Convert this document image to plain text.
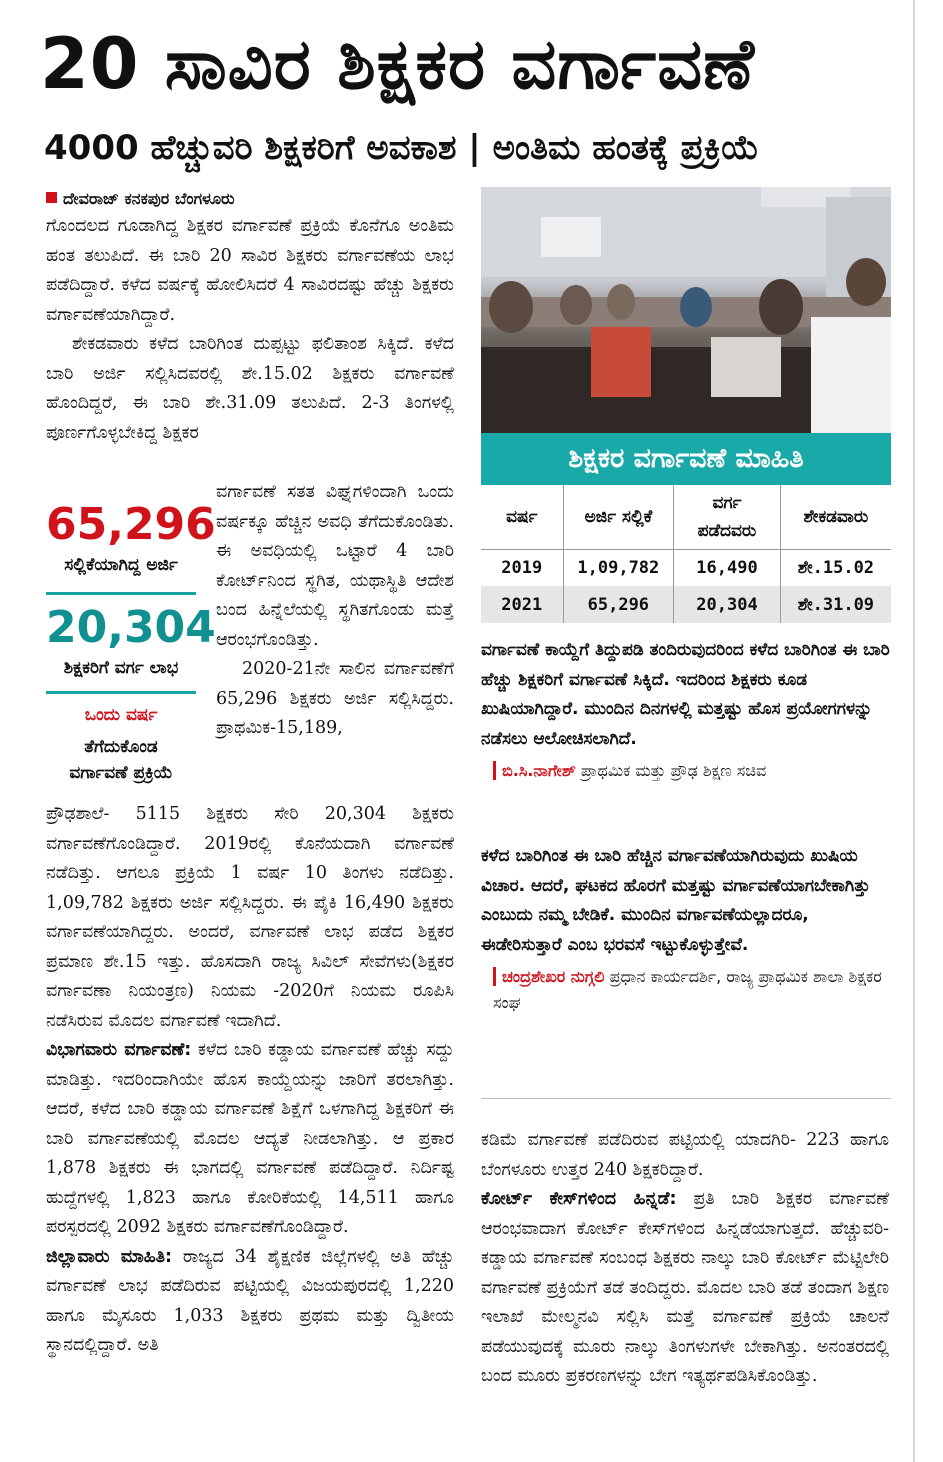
20 ಸಾವಿರ ಶಿಕ್ಷಕರ ವರ್ಗಾವಣೆ
4000 ಹೆಚ್ಚುವರಿ ಶಿಕ್ಷಕರಿಗೆ ಅವಕಾಶ | ಅಂತಿಮ ಹಂತಕ್ಕೆ ಪ್ರಕ್ರಿಯೆ
ದೇವರಾಜ್ ಕನಕಪುರ ಬೆಂಗಳೂರು

ಗೊಂದಲದ ಗೂಡಾಗಿದ್ದ ಶಿಕ್ಷಕರ ವರ್ಗಾವಣೆ ಪ್ರಕ್ರಿಯೆ ಕೊನೆಗೂ ಅಂತಿಮ ಹಂತ ತಲುಪಿದೆ. ಈ ಬಾರಿ 20 ಸಾವಿರ ಶಿಕ್ಷಕರು ವರ್ಗಾವಣೆಯ ಲಾಭ ಪಡೆದಿದ್ದಾರೆ. ಕಳೆದ ವರ್ಷಕ್ಕೆ ಹೋಲಿಸಿದರೆ 4 ಸಾವಿರದಷ್ಟು ಹೆಚ್ಚು ಶಿಕ್ಷಕರು ವರ್ಗಾವಣೆಯಾಗಿದ್ದಾರೆ.

ಶೇಕಡವಾರು ಕಳೆದ ಬಾರಿಗಿಂತ ದುಪ್ಪಟ್ಟು ಫಲಿತಾಂಶ ಸಿಕ್ಕಿದೆ. ಕಳೆದ ಬಾರಿ ಅರ್ಜಿ ಸಲ್ಲಿಸಿದವರಲ್ಲಿ ಶೇ.15.02 ಶಿಕ್ಷಕರು ವರ್ಗಾವಣೆ ಹೊಂದಿದ್ದರೆ, ಈ ಬಾರಿ ಶೇ.31.09 ತಲುಪಿದೆ. 2-3 ತಿಂಗಳಲ್ಲಿ ಪೂರ್ಣಗೊಳ್ಳಬೇಕಿದ್ದ ಶಿಕ್ಷಕರ

65,296
ಸಲ್ಲಿಕೆಯಾಗಿದ್ದ ಅರ್ಜಿ
20,304
ಶಿಕ್ಷಕರಿಗೆ ವರ್ಗ ಲಾಭ
ಒಂದು ವರ್ಷ
ತೆಗೆದುಕೊಂಡ
ವರ್ಗಾವಣೆ ಪ್ರಕ್ರಿಯೆ

ವರ್ಗಾವಣೆ ಸತತ ವಿಘ್ನಗಳಿಂದಾಗಿ ಒಂದು ವರ್ಷಕ್ಕೂ ಹೆಚ್ಚಿನ ಅವಧಿ ತೆಗೆದುಕೊಂಡಿತು. ಈ ಅವಧಿಯಲ್ಲಿ ಒಟ್ಟಾರೆ 4 ಬಾರಿ ಕೋರ್ಟ್‌ನಿಂದ ಸ್ಥಗಿತ, ಯಥಾಸ್ಥಿತಿ ಆದೇಶ ಬಂದ ಹಿನ್ನೆಲೆಯಲ್ಲಿ ಸ್ಥಗಿತಗೊಂಡು ಮತ್ತೆ ಆರಂಭಗೊಂಡಿತ್ತು.

2020-21ನೇ ಸಾಲಿನ ವರ್ಗಾವಣೆಗೆ 65,296 ಶಿಕ್ಷಕರು ಅರ್ಜಿ ಸಲ್ಲಿಸಿದ್ದರು. ಪ್ರಾಥಮಿಕ-15,189,

ಪ್ರೌಢಶಾಲೆ- 5115 ಶಿಕ್ಷಕರು ಸೇರಿ 20,304 ಶಿಕ್ಷಕರು ವರ್ಗಾವಣೆಗೊಂಡಿದ್ದಾರೆ. 2019ರಲ್ಲಿ ಕೊನೆಯದಾಗಿ ವರ್ಗಾವಣೆ ನಡೆದಿತ್ತು. ಆಗಲೂ ಪ್ರಕ್ರಿಯೆ 1 ವರ್ಷ 10 ತಿಂಗಳು ನಡೆದಿತ್ತು. 1,09,782 ಶಿಕ್ಷಕರು ಅರ್ಜಿ ಸಲ್ಲಿಸಿದ್ದರು. ಈ ಪೈಕಿ 16,490 ಶಿಕ್ಷಕರು ವರ್ಗಾವಣೆಯಾಗಿದ್ದರು. ಅಂದರೆ, ವರ್ಗಾವಣೆ ಲಾಭ ಪಡೆದ ಶಿಕ್ಷಕರ ಪ್ರಮಾಣ ಶೇ.15 ಇತ್ತು. ಹೊಸದಾಗಿ ರಾಜ್ಯ ಸಿವಿಲ್ ಸೇವೆಗಳು(ಶಿಕ್ಷಕರ ವರ್ಗಾವಣಾ ನಿಯಂತ್ರಣ) ನಿಯಮ -2020ಗೆ ನಿಯಮ ರೂಪಿಸಿ ನಡೆಸಿರುವ ಮೊದಲ ವರ್ಗಾವಣೆ ಇದಾಗಿದೆ.

ವಿಭಾಗವಾರು ವರ್ಗಾವಣೆ: ಕಳೆದ ಬಾರಿ ಕಡ್ಡಾಯ ವರ್ಗಾವಣೆ ಹೆಚ್ಚು ಸದ್ದು ಮಾಡಿತ್ತು. ಇದರಿಂದಾಗಿಯೇ ಹೊಸ ಕಾಯ್ದೆಯನ್ನು ಜಾರಿಗೆ ತರಲಾಗಿತ್ತು. ಆದರೆ, ಕಳೆದ ಬಾರಿ ಕಡ್ಡಾಯ ವರ್ಗಾವಣೆ ಶಿಕ್ಷೆಗೆ ಒಳಗಾಗಿದ್ದ ಶಿಕ್ಷಕರಿಗೆ ಈ ಬಾರಿ ವರ್ಗಾವಣೆಯಲ್ಲಿ ಮೊದಲ ಆದ್ಯತೆ ನೀಡಲಾಗಿತ್ತು. ಆ ಪ್ರಕಾರ 1,878 ಶಿಕ್ಷಕರು ಈ ಭಾಗದಲ್ಲಿ ವರ್ಗಾವಣೆ ಪಡೆದಿದ್ದಾರೆ. ನಿರ್ದಿಷ್ಟ ಹುದ್ದೆಗಳಲ್ಲಿ 1,823 ಹಾಗೂ ಕೋರಿಕೆಯಲ್ಲಿ 14,511 ಹಾಗೂ ಪರಸ್ಪರದಲ್ಲಿ 2092 ಶಿಕ್ಷಕರು ವರ್ಗಾವಣೆಗೊಂಡಿದ್ದಾರೆ.

ಜಿಲ್ಲಾವಾರು ಮಾಹಿತಿ: ರಾಜ್ಯದ 34 ಶೈಕ್ಷಣಿಕ ಜಿಲ್ಲೆಗಳಲ್ಲಿ ಅತಿ ಹೆಚ್ಚು ವರ್ಗಾವಣೆ ಲಾಭ ಪಡೆದಿರುವ ಪಟ್ಟಿಯಲ್ಲಿ ವಿಜಯಪುರದಲ್ಲಿ 1,220 ಹಾಗೂ ಮೈಸೂರು 1,033 ಶಿಕ್ಷಕರು ಪ್ರಥಮ ಮತ್ತು ದ್ವಿತೀಯ ಸ್ಥಾನದಲ್ಲಿದ್ದಾರೆ. ಅತಿ

ಶಿಕ್ಷಕರ ವರ್ಗಾವಣೆ ಮಾಹಿತಿ
ವರ್ಷ	ಅರ್ಜಿ ಸಲ್ಲಿಕೆ	ವರ್ಗ ಪಡೆದವರು	ಶೇಕಡವಾರು
2019	1,09,782	16,490	ಶೇ.15.02
2021	65,296	20,304	ಶೇ.31.09

ವರ್ಗಾವಣೆ ಕಾಯ್ದೆಗೆ ತಿದ್ದುಪಡಿ ತಂದಿರುವುದರಿಂದ ಕಳೆದ ಬಾರಿಗಿಂತ ಈ ಬಾರಿ ಹೆಚ್ಚು ಶಿಕ್ಷಕರಿಗೆ ವರ್ಗಾವಣೆ ಸಿಕ್ಕಿದೆ. ಇದರಿಂದ ಶಿಕ್ಷಕರು ಕೂಡ ಖುಷಿಯಾಗಿದ್ದಾರೆ. ಮುಂದಿನ ದಿನಗಳಲ್ಲಿ ಮತ್ತಷ್ಟು ಹೊಸ ಪ್ರಯೋಗಗಳನ್ನು ನಡೆಸಲು ಆಲೋಚಿಸಲಾಗಿದೆ.

ಬಿ.ಸಿ.ನಾಗೇಶ್ ಪ್ರಾಥಮಿಕ ಮತ್ತು ಪ್ರೌಢ ಶಿಕ್ಷಣ ಸಚಿವ

ಕಳೆದ ಬಾರಿಗಿಂತ ಈ ಬಾರಿ ಹೆಚ್ಚಿನ ವರ್ಗಾವಣೆಯಾಗಿರುವುದು ಖುಷಿಯ ವಿಚಾರ. ಆದರೆ, ಘಟಕದ ಹೊರಗೆ ಮತ್ತಷ್ಟು ವರ್ಗಾವಣೆಯಾಗಬೇಕಾಗಿತ್ತು ಎಂಬುದು ನಮ್ಮ ಬೇಡಿಕೆ. ಮುಂದಿನ ವರ್ಗಾವಣೆಯಲ್ಲಾದರೂ, ಈಡೇರಿಸುತ್ತಾರೆ ಎಂಬ ಭರವಸೆ ಇಟ್ಟುಕೊಳ್ಳುತ್ತೇವೆ.

ಚಂದ್ರಶೇಖರ ನುಗ್ಗಲಿ ಪ್ರಧಾನ ಕಾರ್ಯದರ್ಶಿ, ರಾಜ್ಯ ಪ್ರಾಥಮಿಕ ಶಾಲಾ ಶಿಕ್ಷಕರ ಸಂಘ

ಕಡಿಮೆ ವರ್ಗಾವಣೆ ಪಡೆದಿರುವ ಪಟ್ಟಿಯಲ್ಲಿ ಯಾದಗಿರಿ- 223 ಹಾಗೂ ಬೆಂಗಳೂರು ಉತ್ತರ 240 ಶಿಕ್ಷಕರಿದ್ದಾರೆ.

ಕೋರ್ಟ್ ಕೇಸ್‌ಗಳಿಂದ ಹಿನ್ನಡೆ: ಪ್ರತಿ ಬಾರಿ ಶಿಕ್ಷಕರ ವರ್ಗಾವಣೆ ಆರಂಭವಾದಾಗ ಕೋರ್ಟ್ ಕೇಸ್‌ಗಳಿಂದ ಹಿನ್ನಡೆಯಾಗುತ್ತದೆ. ಹೆಚ್ಚುವರಿ-ಕಡ್ಡಾಯ ವರ್ಗಾವಣೆ ಸಂಬಂಧ ಶಿಕ್ಷಕರು ನಾಲ್ಕು ಬಾರಿ ಕೋರ್ಟ್ ಮೆಟ್ಟಿಲೇರಿ ವರ್ಗಾವಣೆ ಪ್ರಕ್ರಿಯೆಗೆ ತಡೆ ತಂದಿದ್ದರು. ಮೊದಲ ಬಾರಿ ತಡೆ ತಂದಾಗ ಶಿಕ್ಷಣ ಇಲಾಖೆ ಮೇಲ್ಮನವಿ ಸಲ್ಲಿಸಿ ಮತ್ತೆ ವರ್ಗಾವಣೆ ಪ್ರಕ್ರಿಯೆ ಚಾಲನೆ ಪಡೆಯುವುದಕ್ಕೆ ಮೂರು ನಾಲ್ಕು ತಿಂಗಳುಗಳೇ ಬೇಕಾಗಿತ್ತು. ಅನಂತರದಲ್ಲಿ ಬಂದ ಮೂರು ಪ್ರಕರಣಗಳನ್ನು ಬೇಗ ಇತ್ಯರ್ಥಪಡಿಸಿಕೊಂಡಿತ್ತು.
